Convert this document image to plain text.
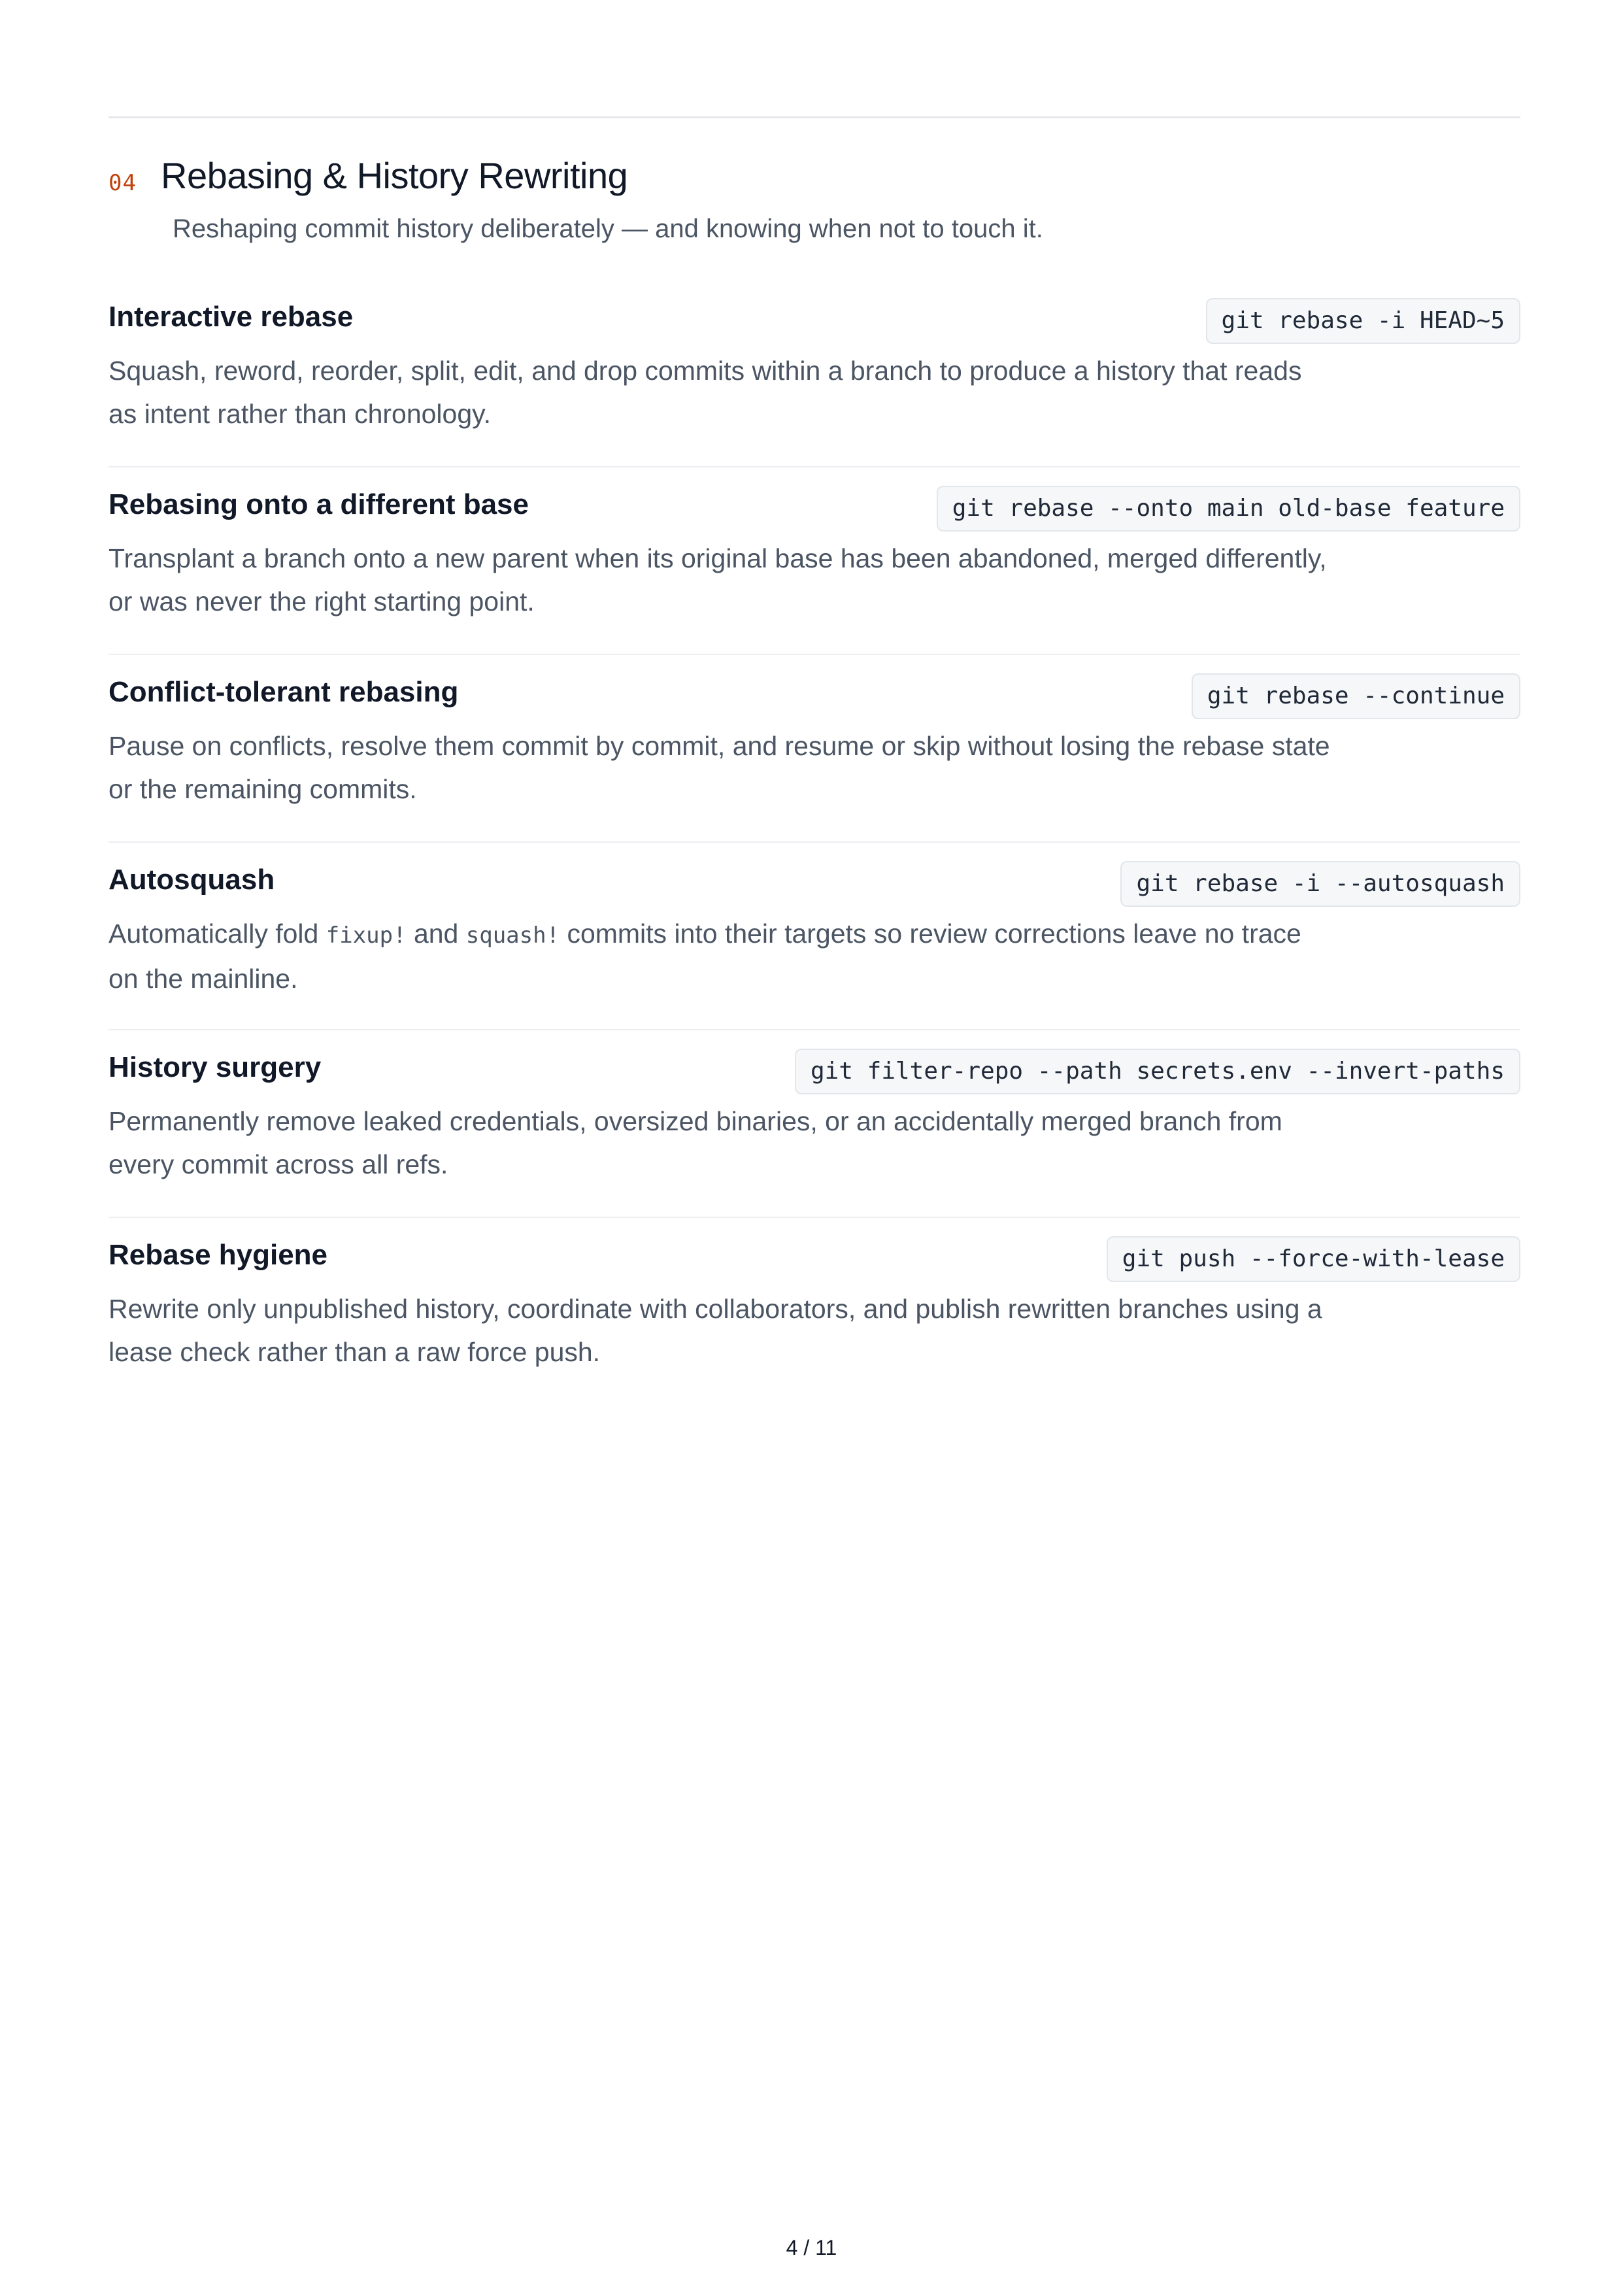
04 Rebasing & History Rewriting
Reshaping commit history deliberately — and knowing when not to touch it.
Interactive rebase	git rebase -i HEAD~5
Squash, reword, reorder, split, edit, and drop commits within a branch to produce a history that reads as intent rather than chronology.
Rebasing onto a different base	git rebase --onto main old-base feature
Transplant a branch onto a new parent when its original base has been abandoned, merged differently, or was never the right starting point.
Conflict-tolerant rebasing	git rebase --continue
Pause on conflicts, resolve them commit by commit, and resume or skip without losing the rebase state or the remaining commits.
Autosquash	git rebase -i --autosquash
Automatically fold fixup! and squash! commits into their targets so review corrections leave no trace on the mainline.
History surgery	git filter-repo --path secrets.env --invert-paths
Permanently remove leaked credentials, oversized binaries, or an accidentally merged branch from every commit across all refs.
Rebase hygiene	git push --force-with-lease
Rewrite only unpublished history, coordinate with collaborators, and publish rewritten branches using a lease check rather than a raw force push.
4 / 11
